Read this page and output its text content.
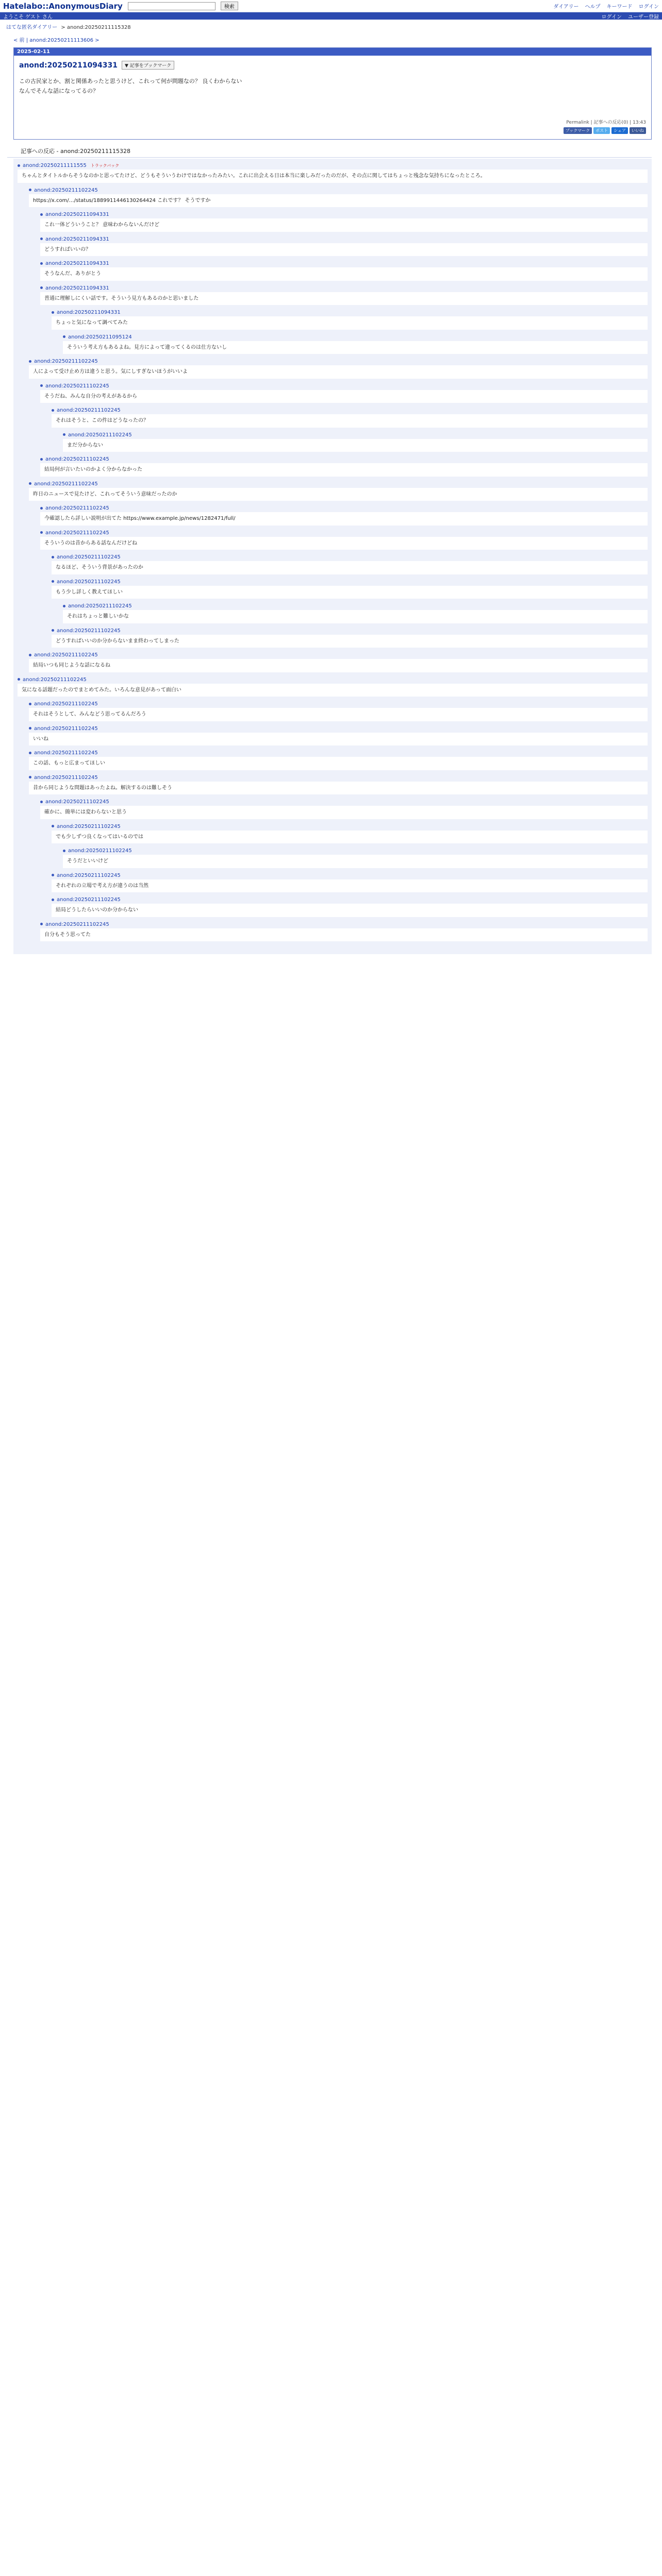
Hatelabo::AnonymousDiary	検索	ダイアリー ヘルプ キーワード ログイン
ようこそ ゲスト さん	ログイン ユーザー登録
はてな匿名ダイアリー > anond:20250211115328
< 前 | anond:20250211113606 >
2025-02-11
anond:20250211094331	▼ 記事をブックマーク

この古民家とか、割と関係あったと思うけど、これって何が問題なの？ 良くわからない

なんでそんな話になってるの？

Permalink | 記事への反応(0) | 13:43
ブックマーク	ポスト	シェア	いいね
記事への反応 - anond:20250211115328
anond:20250211111555 トラックバック
ちゃんとタイトルからそうなのかと思ってたけど、どうもそういうわけではなかったみたい。これに出会える日は本当に楽しみだったのだが、その点に関してはちょっと残念な気持ちになったところ。
anond:20250211102245
https://x.com/…/status/1889911446130264424 これです？ そうですか
anond:20250211094331
これ一体どういうこと？ 意味わからないんだけど
anond:20250211094331
どうすればいいの？
anond:20250211094331
そうなんだ、ありがとう
anond:20250211094331
普通に理解しにくい話です。そういう見方もあるのかと思いました
anond:20250211094331
ちょっと気になって調べてみた
anond:20250211095124
そういう考え方もあるよね。見方によって違ってくるのは仕方ないし
anond:20250211102245
人によって受け止め方は違うと思う。気にしすぎないほうがいいよ
anond:20250211102245
そうだね、みんな自分の考えがあるから
anond:20250211102245
それはそうと、この件はどうなったの？
anond:20250211102245
まだ分からない
anond:20250211102245
結局何が言いたいのかよく分からなかった
anond:20250211102245
昨日のニュースで見たけど、これってそういう意味だったのか
anond:20250211102245
今確認したら詳しい説明が出てた https://www.example.jp/news/1282471/full/
anond:20250211102245
そういうのは昔からある話なんだけどね
anond:20250211102245
なるほど、そういう背景があったのか
anond:20250211102245
もう少し詳しく教えてほしい
anond:20250211102245
それはちょっと難しいかな
anond:20250211102245
どうすればいいのか分からないまま終わってしまった
anond:20250211102245
結局いつも同じような話になるね
anond:20250211102245
気になる話題だったのでまとめてみた。いろんな意見があって面白い
anond:20250211102245
それはそうとして、みんなどう思ってるんだろう
anond:20250211102245
いいね
anond:20250211102245
この話、もっと広まってほしい
anond:20250211102245
昔から同じような問題はあったよね。解決するのは難しそう
anond:20250211102245
確かに、簡単には変わらないと思う
anond:20250211102245
でも少しずつ良くなってはいるのでは
anond:20250211102245
そうだといいけど
anond:20250211102245
それぞれの立場で考え方が違うのは当然
anond:20250211102245
結局どうしたらいいのか分からない
anond:20250211102245
自分もそう思ってた
